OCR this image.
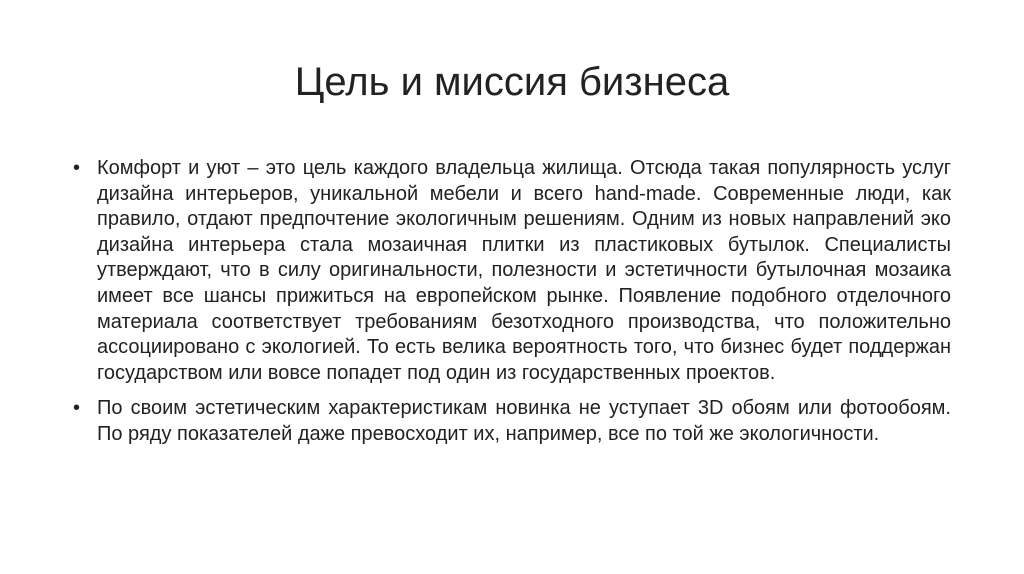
Цель и миссия бизнеса
• Комфорт и уют – это цель каждого владельца жилища. Отсюда такая популярность услуг дизайна интерьеров, уникальной мебели и всего hand-made. Современные люди, как правило, отдают предпочтение экологичным решениям. Одним из новых направлений эко дизайна интерьера стала мозаичная плитки из пластиковых бутылок. Специалисты утверждают, что в силу оригинальности, полезности и эстетичности бутылочная мозаика имеет все шансы прижиться на европейском рынке. Появление подобного отделочного материала соответствует требованиям безотходного производства, что положительно ассоциировано с экологией. То есть велика вероятность того, что бизнес будет поддержан государством или вовсе попадет под один из государственных проектов.
• По своим эстетическим характеристикам новинка не уступает 3D обоям или фотообоям. По ряду показателей даже превосходит их, например, все по той же экологичности.
